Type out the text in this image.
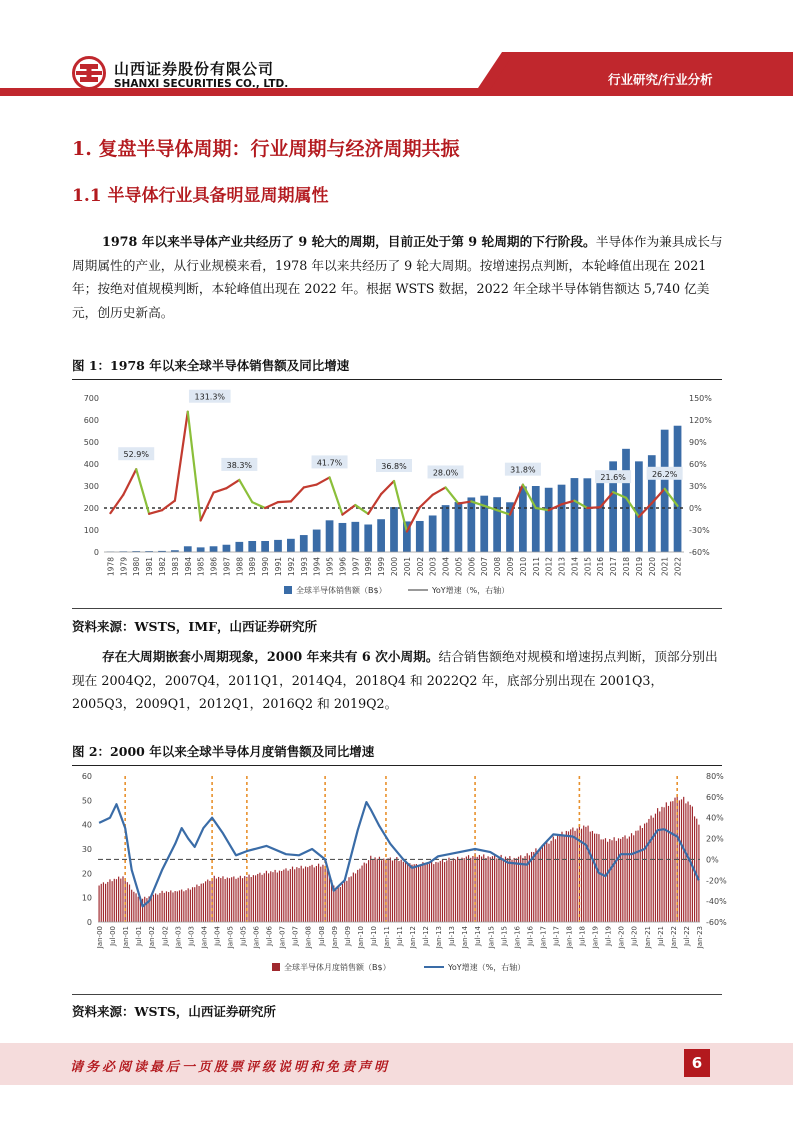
山西证券股份有限公司
SHANXI SECURITIES CO., LTD.	行业研究/行业分析
1. 复盘半导体周期：行业周期与经济周期共振
1.1 半导体行业具备明显周期属性

1978 年以来半导体产业共经历了 9 轮大的周期，目前正处于第 9 轮周期的下行阶段。半导体作为兼具成长与周期属性的产业，从行业规模来看，1978 年以来共经历了 9 轮大周期。按增速拐点判断，本轮峰值出现在 2021 年；按绝对值规模判断，本轮峰值出现在 2022 年。根据 WSTS 数据，2022 年全球半导体销售额达 5,740 亿美元，创历史新高。

图 1：1978 年以来全球半导体销售额及同比增速
0
100
200
300
400
500
600
700
-60%
-30%
0%
30%
60%
90%
120%
150%
1978 1979 1980 1981 1982 1983 1984 1985 1986 1987 1988 1989 1990 1991 1992 1993 1994 1995 1996 1997 1998 1999 2000 2001 2002 2003 2004 2005 2006 2007 2008 2009 2010 2011 2012 2013 2014 2015 2016 2017 2018 2019 2020 2021 2022
52.9%
131.3%
38.3%	41.7%	36.8%
28.0%	31.8%
21.6%	26.2%
全球半导体销售额（B$）	YoY增速（%，右轴）
资料来源：WSTS，IMF，山西证券研究所

存在大周期嵌套小周期现象，2000 年来共有 6 次小周期。结合销售额绝对规模和增速拐点判断，顶部分别出现在 2004Q2，2007Q4，2011Q1，2014Q4，2018Q4 和 2022Q2 年，底部分别出现在 2001Q3，2005Q3，2009Q1，2012Q1，2016Q2 和 2019Q2。

图 2：2000 年以来全球半导体月度销售额及同比增速
0
10
20
30
40
50
60
-60%
-40%
-20%
0%
20%
40%
60%
80%
Jan-00 Jul-00 Jan-01 Jul-01 Jan-02 Jul-02 Jan-03 Jul-03 Jan-04 Jul-04 Jan-05 Jul-05 Jan-06 Jul-06 Jan-07 Jul-07 Jan-08 Jul-08 Jan-09 Jul-09 Jan-10 Jul-10 Jan-11 Jul-11 Jan-12 Jul-12 Jan-13 Jul-13 Jan-14 Jul-14 Jan-15 Jul-15 Jan-16 Jul-16 Jan-17 Jul-17 Jan-18 Jul-18 Jan-19 Jul-19 Jan-20 Jul-20 Jan-21 Jul-21 Jan-22 Jul-22 Jan-23
全球半导体月度销售额（B$）	YoY增速（%，右轴）
资料来源：WSTS，山西证券研究所
请务必阅读最后一页股票评级说明和免责声明	6
